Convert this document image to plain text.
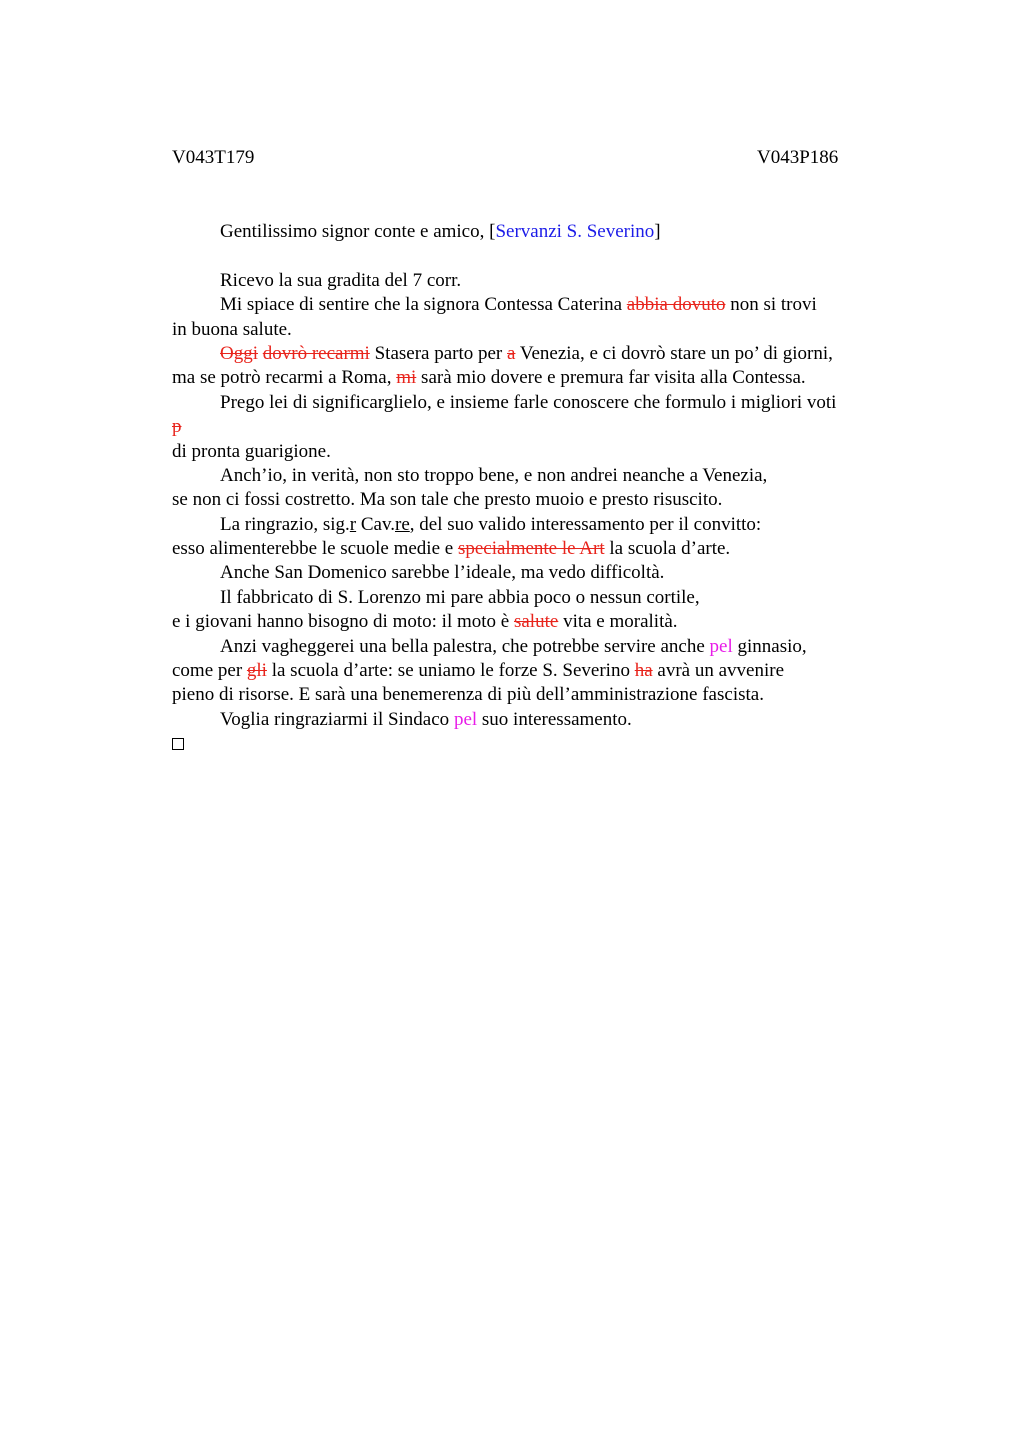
V043T179	V043P186
Gentilissimo signor conte e amico, [Servanzi S. Severino]
Ricevo la sua gradita del 7 corr.
Mi spiace di sentire che la signora Contessa Caterina abbia dovuto non si trovi
in buona salute.
Oggi dovrò recarmi Stasera parto per a Venezia, e ci dovrò stare un po’ di giorni,
ma se potrò recarmi a Roma, mi sarà mio dovere e premura far visita alla Contessa.
Prego lei di significarglielo, e insieme farle conoscere che formulo i migliori voti
p
di pronta guarigione.
Anch’io, in verità, non sto troppo bene, e non andrei neanche a Venezia,
se non ci fossi costretto. Ma son tale che presto muoio e presto risuscito.
La ringrazio, sig.r Cav.re, del suo valido interessamento per il convitto:
esso alimenterebbe le scuole medie e specialmente le Art la scuola d’arte.
Anche San Domenico sarebbe l’ideale, ma vedo difficoltà.
Il fabbricato di S. Lorenzo mi pare abbia poco o nessun cortile,
e i giovani hanno bisogno di moto: il moto è salute vita e moralità.
Anzi vagheggerei una bella palestra, che potrebbe servire anche pel ginnasio,
come per gli la scuola d’arte: se uniamo le forze S. Severino ha avrà un avvenire
pieno di risorse. E sarà una benemerenza di più dell’amministrazione fascista.
Voglia ringraziarmi il Sindaco pel suo interessamento.
